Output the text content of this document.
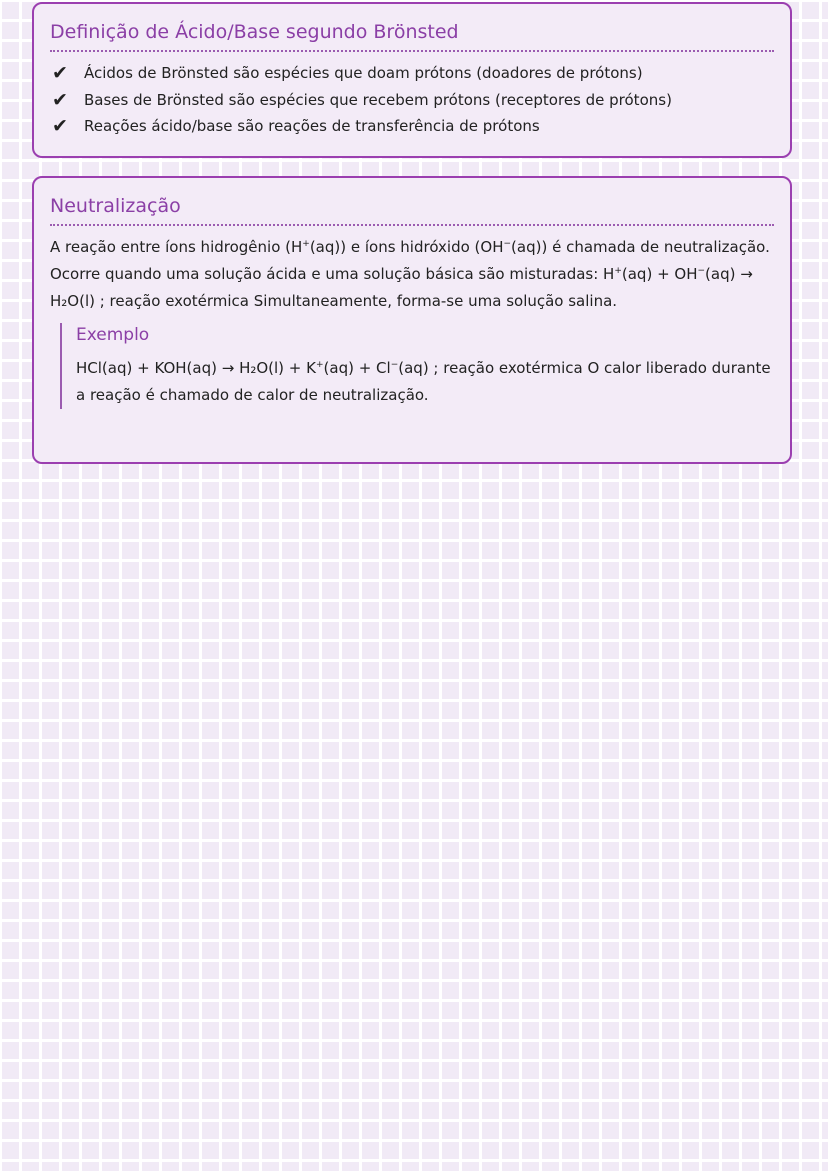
Definição de Ácido/Base segundo Brönsted
✔	Ácidos de Brönsted são espécies que doam prótons (doadores de prótons)
✔	Bases de Brönsted são espécies que recebem prótons (receptores de prótons)
✔	Reações ácido/base são reações de transferência de prótons
Neutralização

A reação entre íons hidrogênio (H+(aq)) e íons hidróxido (OH−(aq)) é chamada de neutralização. Ocorre quando uma solução ácida e uma solução básica são misturadas: H+(aq) + OH−(aq) → H₂O(l) ; reação exotérmica Simultaneamente, forma-se uma solução salina.

Exemplo

HCl(aq) + KOH(aq) → H₂O(l) + K+(aq) + Cl−(aq) ; reação exotérmica O calor liberado durante a reação é chamado de calor de neutralização.
